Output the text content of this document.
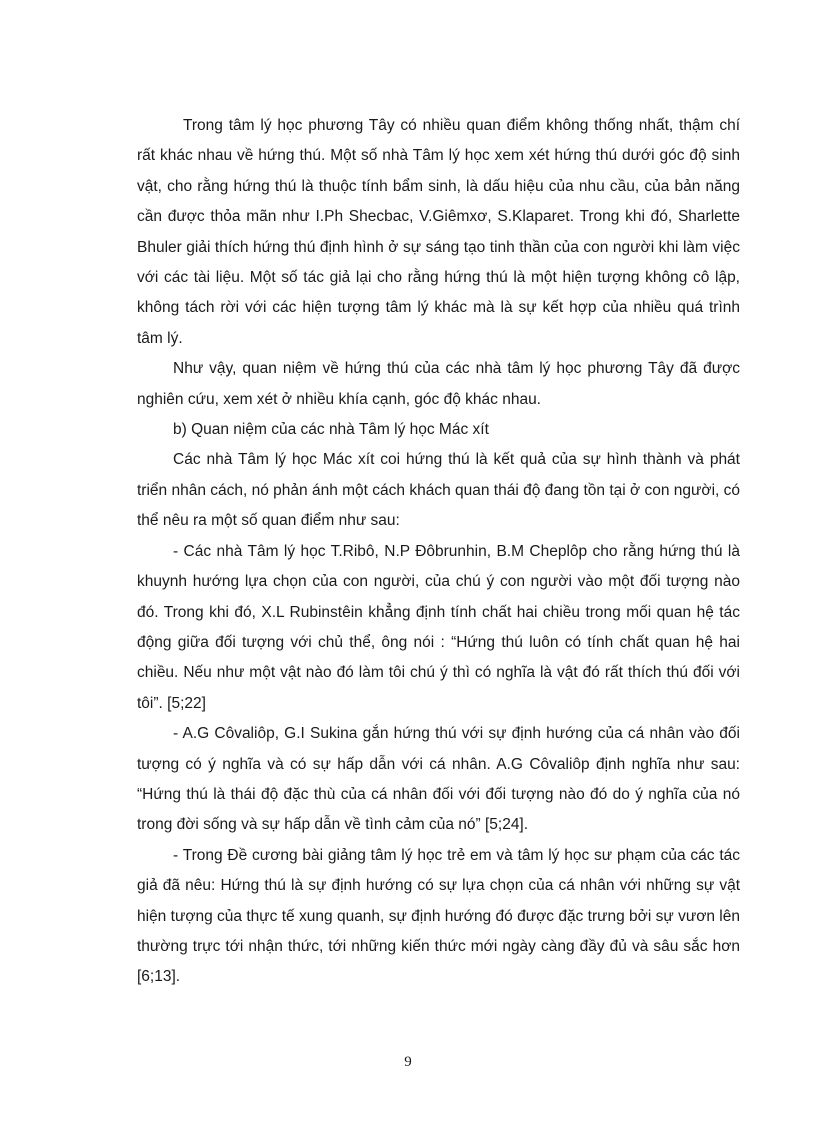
Trong tâm lý học phương Tây có nhiều quan điểm không thống nhất, thậm chí rất khác nhau về hứng thú. Một số nhà Tâm lý học xem xét hứng thú dưới góc độ sinh vật, cho rằng hứng thú là thuộc tính bẩm sinh, là dấu hiệu của nhu cầu, của bản năng cần được thỏa mãn như I.Ph Shecbac, V.Giêmxơ, S.Klaparet. Trong khi đó, Sharlette Bhuler giải thích hứng thú định hình ở sự sáng tạo tinh thần của con người khi làm việc với các tài liệu. Một số tác giả lại cho rằng hứng thú là một hiện tượng không cô lập, không tách rời với các hiện tượng tâm lý khác mà là sự kết hợp của nhiều quá trình tâm lý.

Như vậy, quan niệm về hứng thú của các nhà tâm lý học phương Tây đã được nghiên cứu, xem xét ở nhiều khía cạnh, góc độ khác nhau.

b) Quan niệm của các nhà Tâm lý học Mác xít

Các nhà Tâm lý học Mác xít coi hứng thú là kết quả của sự hình thành và phát triển nhân cách, nó phản ánh một cách khách quan thái độ đang tồn tại ở con người, có thể nêu ra một số quan điểm như sau:

- Các nhà Tâm lý học T.Ribô, N.P Đôbrunhin, B.M Cheplôp cho rằng hứng thú là khuynh hướng lựa chọn của con người, của chú ý con người vào một đối tượng nào đó. Trong khi đó, X.L Rubinstêin khẳng định tính chất hai chiều trong mối quan hệ tác động giữa đối tượng với chủ thể, ông nói : “Hứng thú luôn có tính chất quan hệ hai chiều. Nếu như một vật nào đó làm tôi chú ý thì có nghĩa là vật đó rất thích thú đối với tôi”. [5;22]

- A.G Côvaliôp, G.I Sukina gắn hứng thú với sự định hướng của cá nhân vào đối tượng có ý nghĩa và có sự hấp dẫn với cá nhân. A.G Côvaliôp định nghĩa như sau: “Hứng thú là thái độ đặc thù của cá nhân đối với đối tượng nào đó do ý nghĩa của nó trong đời sống và sự hấp dẫn về tình cảm của nó” [5;24].

- Trong Đề cương bài giảng tâm lý học trẻ em và tâm lý học sư phạm của các tác giả đã nêu: Hứng thú là sự định hướng có sự lựa chọn của cá nhân với những sự vật hiện tượng của thực tế xung quanh, sự định hướng đó được đặc trưng bởi sự vươn lên thường trực tới nhận thức, tới những kiến thức mới ngày càng đầy đủ và sâu sắc hơn [6;13].

9
